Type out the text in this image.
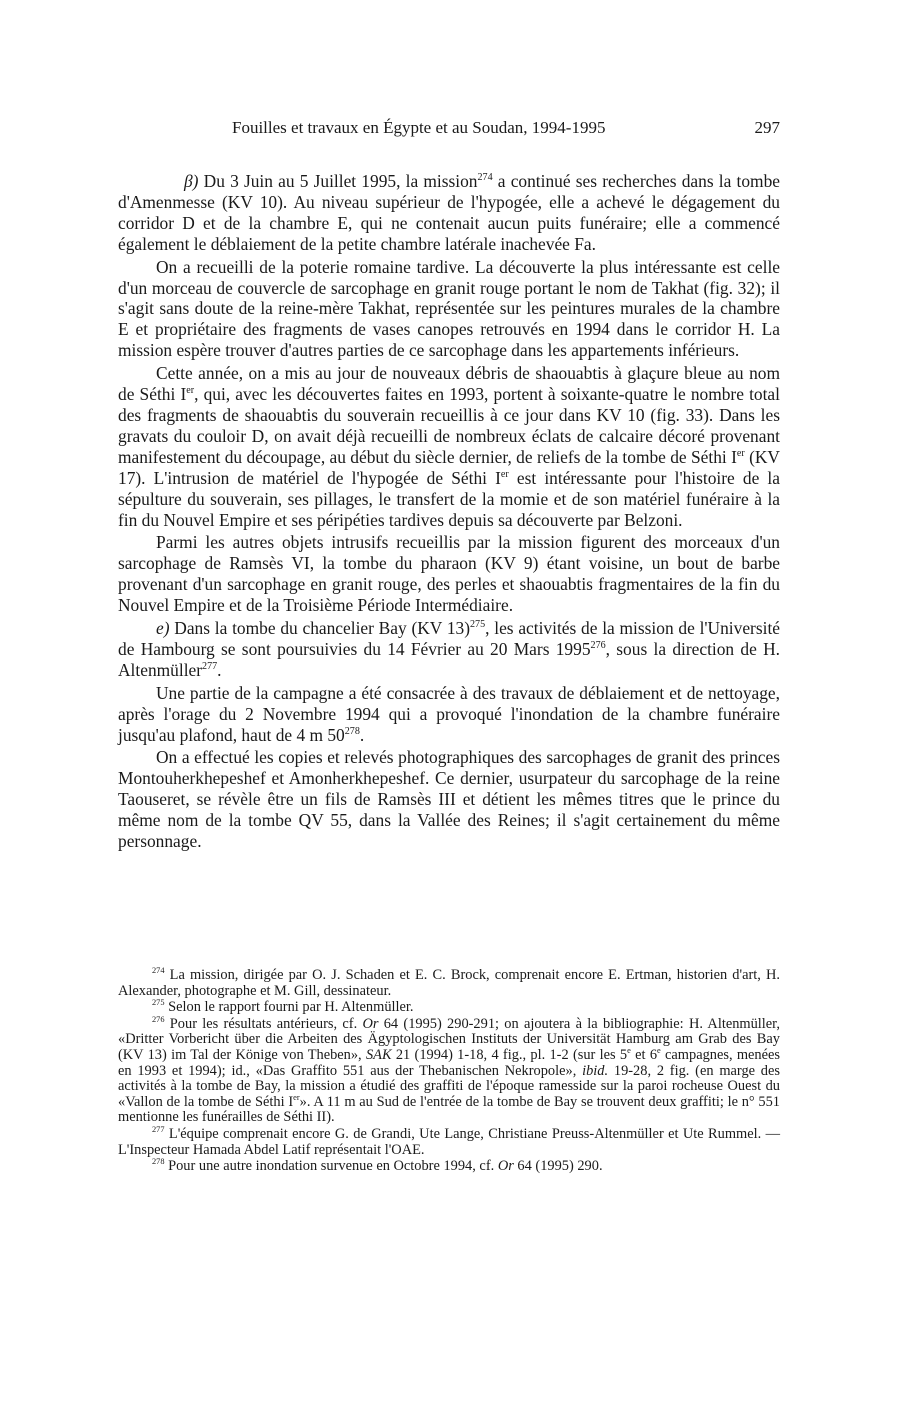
Fouilles et travaux en Égypte et au Soudan, 1994-1995	297

β) Du 3 Juin au 5 Juillet 1995, la mission$^{274}$ a continué ses recherches dans la tombe d'Amenmesse (KV 10). Au niveau supérieur de l'hypogée, elle a achevé le dégagement du corridor D et de la chambre E, qui ne contenait aucun puits funéraire; elle a commencé également le déblaiement de la petite chambre latérale inachevée Fa.

On a recueilli de la poterie romaine tardive. La découverte la plus intéressante est celle d'un morceau de couvercle de sarcophage en granit rouge portant le nom de Takhat (fig. 32); il s'agit sans doute de la reine-mère Takhat, représentée sur les peintures murales de la chambre E et propriétaire des fragments de vases canopes retrouvés en 1994 dans le corridor H. La mission espère trouver d'autres parties de ce sarcophage dans les appartements inférieurs.

Cette année, on a mis au jour de nouveaux débris de shaouabtis à glaçure bleue au nom de Séthi Ier, qui, avec les découvertes faites en 1993, portent à soixante-quatre le nombre total des fragments de shaouabtis du souverain recueillis à ce jour dans KV 10 (fig. 33). Dans les gravats du couloir D, on avait déjà recueilli de nombreux éclats de calcaire décoré provenant manifestement du découpage, au début du siècle dernier, de reliefs de la tombe de Séthi Ier (KV 17). L'intrusion de matériel de l'hypogée de Séthi Ier est intéressante pour l'histoire de la sépulture du souverain, ses pillages, le transfert de la momie et de son matériel funéraire à la fin du Nouvel Empire et ses péripéties tardives depuis sa découverte par Belzoni.

Parmi les autres objets intrusifs recueillis par la mission figurent des morceaux d'un sarcophage de Ramsès VI, la tombe du pharaon (KV 9) étant voisine, un bout de barbe provenant d'un sarcophage en granit rouge, des perles et shaouabtis fragmentaires de la fin du Nouvel Empire et de la Troisième Période Intermédiaire.

e) Dans la tombe du chancelier Bay (KV 13)$^{275}$, les activités de la mission de l'Université de Hambourg se sont poursuivies du 14 Février au 20 Mars 1995$^{276}$, sous la direction de H. Altenmüller$^{277}$.

Une partie de la campagne a été consacrée à des travaux de déblaiement et de nettoyage, après l'orage du 2 Novembre 1994 qui a provoqué l'inondation de la chambre funéraire jusqu'au plafond, haut de 4 m $50^{278}$.

On a effectué les copies et relevés photographiques des sarcophages de granit des princes Montouherkhepeshef et Amonherkhepeshef. Ce dernier, usurpateur du sarcophage de la reine Taouseret, se révèle être un fils de Ramsès III et détient les mêmes titres que le prince du même nom de la tombe QV 55, dans la Vallée des Reines; il s'agit certainement du même personnage.

$^{274}$ La mission, dirigée par O. J. Schaden et E. C. Brock, comprenait encore E. Ertman, historien d'art, H. Alexander, photographe et M. Gill, dessinateur.

$^{275}$ Selon le rapport fourni par H. Altenmüller.

$^{276}$ Pour les résultats antérieurs, cf. Or 64 (1995) 290-291; on ajoutera à la bibliographie: H. Altenmüller, «Dritter Vorbericht über die Arbeiten des Ägyptologischen Instituts der Universität Hamburg am Grab des Bay (KV 13) im Tal der Könige von Theben», SAK 21 (1994) 1-18, 4 fig., pl. 1-2 (sur les 5e et 6e campagnes, menées en 1993 et 1994); id., «Das Graffito 551 aus der Thebanischen Nekropole», ibid. 19-28, 2 fig. (en marge des activités à la tombe de Bay, la mission a étudié des graffiti de l'époque ramesside sur la paroi rocheuse Ouest du «Vallon de la tombe de Séthi Ier». A 11 m au Sud de l'entrée de la tombe de Bay se trouvent deux graffiti; le n° 551 mentionne les funérailles de Séthi II).

$^{277}$ L'équipe comprenait encore G. de Grandi, Ute Lange, Christiane Preuss-Altenmüller et Ute Rummel. — L'Inspecteur Hamada Abdel Latif représentait l'OAE.

$^{278}$ Pour une autre inondation survenue en Octobre 1994, cf. Or 64 (1995) 290.
